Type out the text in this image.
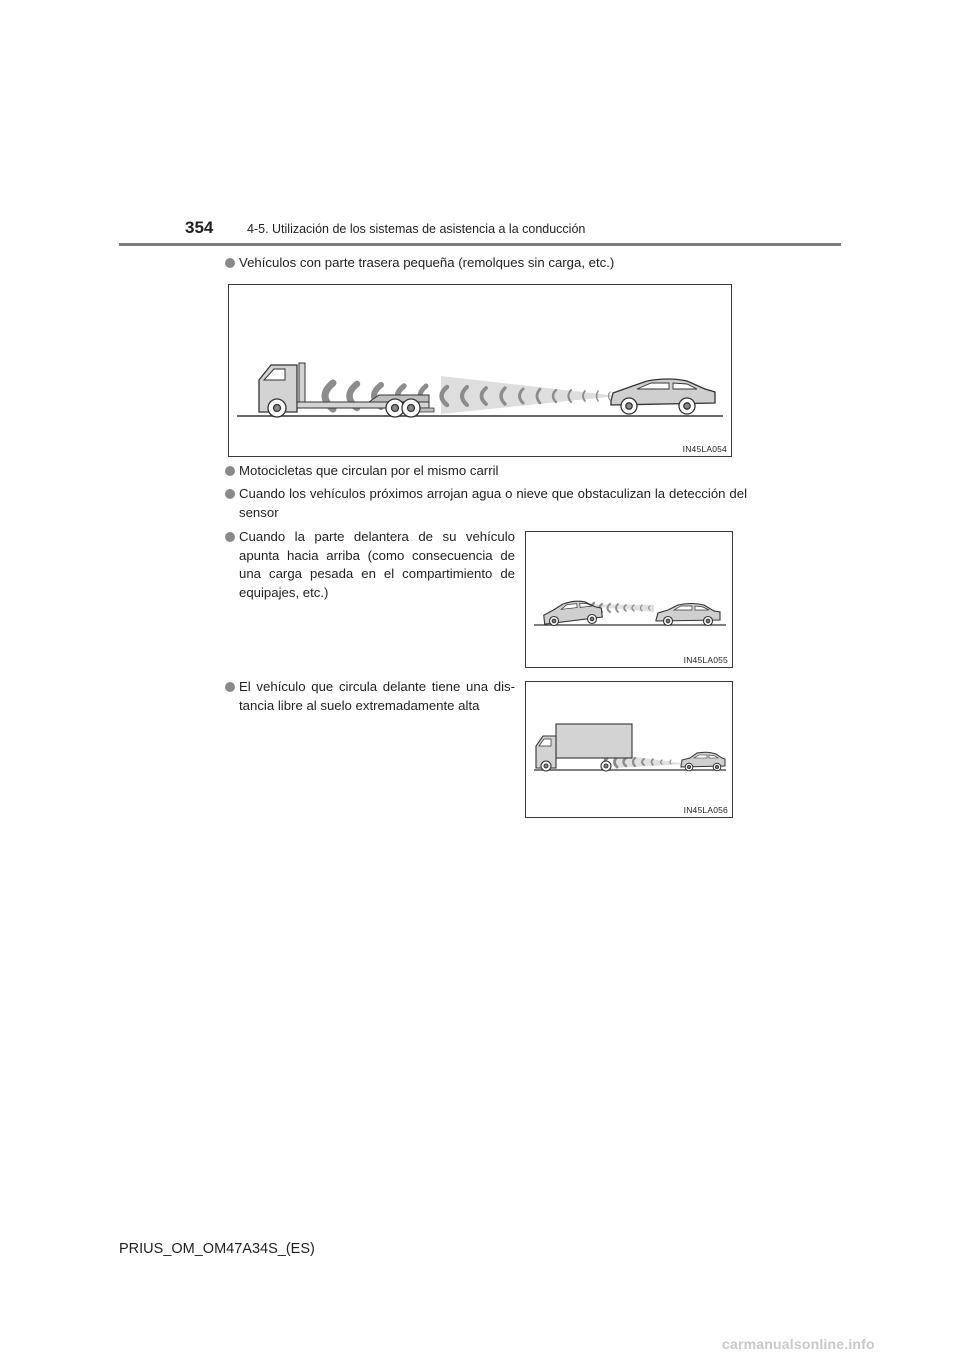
354	4-5. Utilización de los sistemas de asistencia a la conducción
Vehículos con parte trasera pequeña (remolques sin carga, etc.)
IN45LA054
Motocicletas que circulan por el mismo carril
Cuando los vehículos próximos arrojan agua o nieve que obstaculizan la detección del sensor
Cuando la parte delantera de su vehículo apunta hacia arriba (como consecuencia de una carga pesada en el compartimiento de equipajes, etc.)
IN45LA055
El vehículo que circula delante tiene una dis-tancia libre al suelo extremadamente alta
IN45LA056
PRIUS_OM_OM47A34S_(ES)
carmanualsonline.info
